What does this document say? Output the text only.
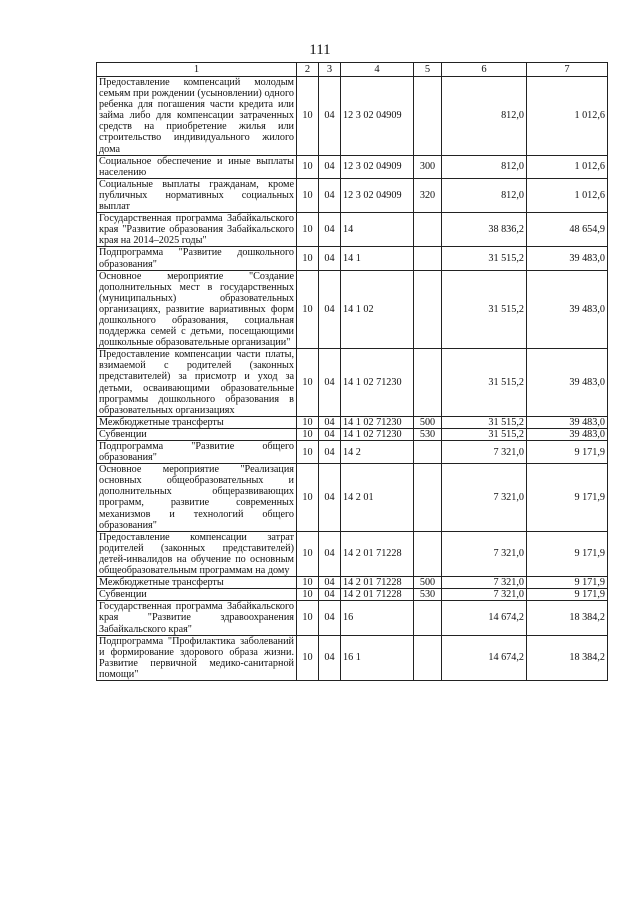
111
1	2	3	4	5	6	7
Предоставление компенсаций молодым семьям при рождении (усыновлении) одного ребенка для погашения части кредита или займа либо для компенсации затраченных средств на приобретение жилья или строительство индивидуального жилого дома	10	04	12 3 02 04909		812,0	1 012,6
Социальное обеспечение и иные выплаты населению	10	04	12 3 02 04909	300	812,0	1 012,6
Социальные выплаты гражданам, кроме публичных нормативных социальных выплат	10	04	12 3 02 04909	320	812,0	1 012,6
Государственная программа Забайкальского края "Развитие образования Забайкальского края на 2014–2025 годы"	10	04	14		38 836,2	48 654,9
Подпрограмма "Развитие дошкольного образования"	10	04	14 1		31 515,2	39 483,0
Основное мероприятие "Создание дополнительных мест в государственных (муниципальных) образовательных организациях, развитие вариативных форм дошкольного образования, социальная поддержка семей с детьми, посещающими дошкольные образовательные организации"	10	04	14 1 02		31 515,2	39 483,0
Предоставление компенсации части платы, взимаемой с родителей (законных представителей) за присмотр и уход за детьми, осваивающими образовательные программы дошкольного образования в образовательных организациях	10	04	14 1 02 71230		31 515,2	39 483,0
Межбюджетные трансферты	10	04	14 1 02 71230	500	31 515,2	39 483,0
Субвенции	10	04	14 1 02 71230	530	31 515,2	39 483,0
Подпрограмма "Развитие общего образования"	10	04	14 2		7 321,0	9 171,9
Основное мероприятие "Реализация основных общеобразовательных и дополнительных общеразвивающих программ, развитие современных механизмов и технологий общего образования"	10	04	14 2 01		7 321,0	9 171,9
Предоставление компенсации затрат родителей (законных представителей) детей-инвалидов на обучение по основным общеобразовательным программам на дому	10	04	14 2 01 71228		7 321,0	9 171,9
Межбюджетные трансферты	10	04	14 2 01 71228	500	7 321,0	9 171,9
Субвенции	10	04	14 2 01 71228	530	7 321,0	9 171,9
Государственная программа Забайкальского края "Развитие здравоохранения Забайкальского края"	10	04	16		14 674,2	18 384,2
Подпрограмма "Профилактика заболеваний и формирование здорового образа жизни. Развитие первичной медико-санитарной помощи"	10	04	16 1		14 674,2	18 384,2
